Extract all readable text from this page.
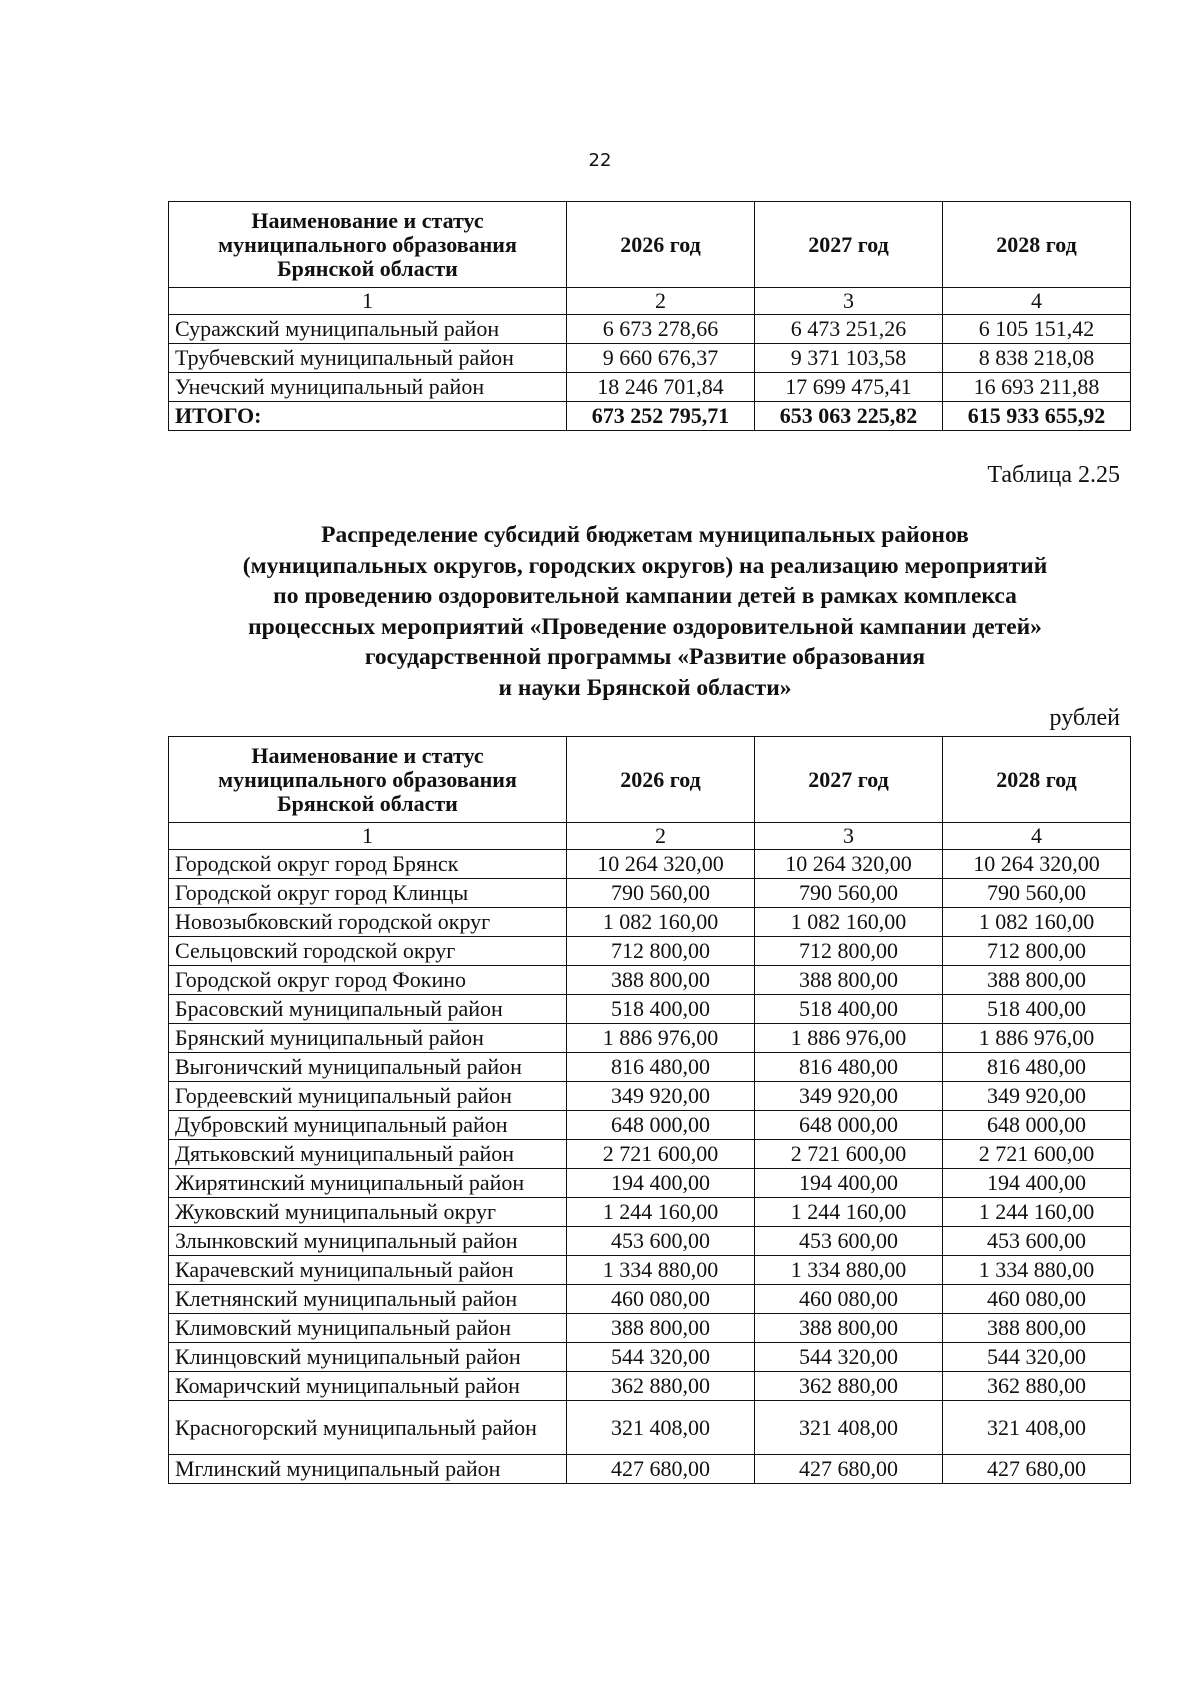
22
Наименование и статус
муниципального образования
Брянской области	2026 год	2027 год	2028 год
1	2	3	4
Суражский муниципальный район	6 673 278,66	6 473 251,26	6 105 151,42
Трубчевский муниципальный район	9 660 676,37	9 371 103,58	8 838 218,08
Унечский муниципальный район	18 246 701,84	17 699 475,41	16 693 211,88
ИТОГО:	673 252 795,71	653 063 225,82	615 933 655,92
Таблица 2.25
Распределение субсидий бюджетам муниципальных районов
(муниципальных округов, городских округов) на реализацию мероприятий
по проведению оздоровительной кампании детей в рамках комплекса
процессных мероприятий «Проведение оздоровительной кампании детей»
государственной программы «Развитие образования
и науки Брянской области»
рублей
Наименование и статус
муниципального образования
Брянской области	2026 год	2027 год	2028 год
1	2	3	4
Городской округ город Брянск	10 264 320,00	10 264 320,00	10 264 320,00
Городской округ город Клинцы	790 560,00	790 560,00	790 560,00
Новозыбковский городской округ	1 082 160,00	1 082 160,00	1 082 160,00
Сельцовский городской округ	712 800,00	712 800,00	712 800,00
Городской округ город Фокино	388 800,00	388 800,00	388 800,00
Брасовский муниципальный район	518 400,00	518 400,00	518 400,00
Брянский муниципальный район	1 886 976,00	1 886 976,00	1 886 976,00
Выгоничский муниципальный район	816 480,00	816 480,00	816 480,00
Гордеевский муниципальный район	349 920,00	349 920,00	349 920,00
Дубровский муниципальный район	648 000,00	648 000,00	648 000,00
Дятьковский муниципальный район	2 721 600,00	2 721 600,00	2 721 600,00
Жирятинский муниципальный район	194 400,00	194 400,00	194 400,00
Жуковский муниципальный округ	1 244 160,00	1 244 160,00	1 244 160,00
Злынковский муниципальный район	453 600,00	453 600,00	453 600,00
Карачевский муниципальный район	1 334 880,00	1 334 880,00	1 334 880,00
Клетнянский муниципальный район	460 080,00	460 080,00	460 080,00
Климовский муниципальный район	388 800,00	388 800,00	388 800,00
Клинцовский муниципальный район	544 320,00	544 320,00	544 320,00
Комаричский муниципальный район	362 880,00	362 880,00	362 880,00
Красногорский муниципальный район	321 408,00	321 408,00	321 408,00
Мглинский муниципальный район	427 680,00	427 680,00	427 680,00
